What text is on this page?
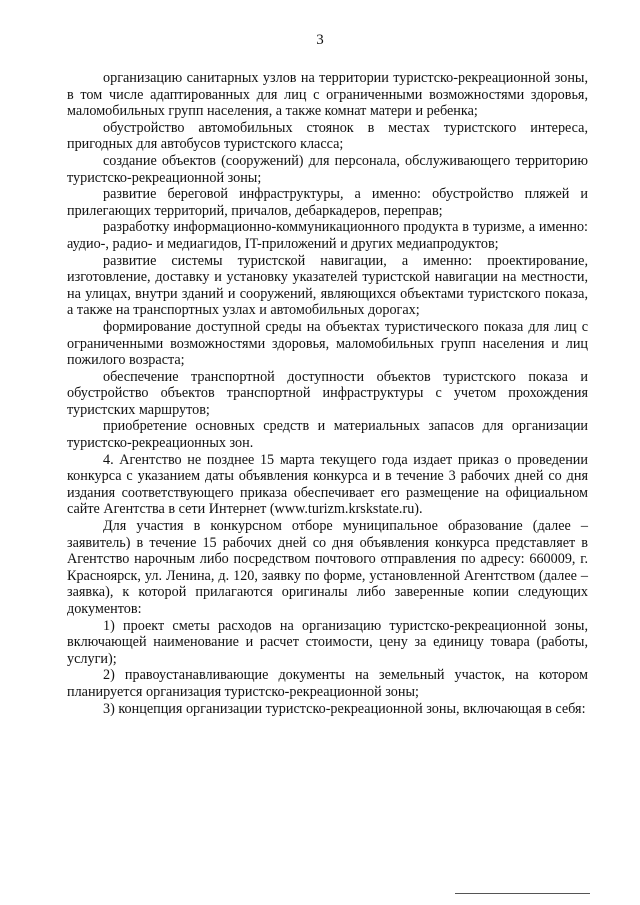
3

организацию санитарных узлов на территории туристско-рекреационной зоны, в том числе адаптированных для лиц с ограниченными возможностями здоровья, маломобильных групп населения, а также комнат матери и ребенка;

обустройство автомобильных стоянок в местах туристского интереса, пригодных для автобусов туристского класса;

создание объектов (сооружений) для персонала, обслуживающего территорию туристско-рекреационной зоны;

развитие береговой инфраструктуры, а именно: обустройство пляжей и прилегающих территорий, причалов, дебаркадеров, переправ;

разработку информационно-коммуникационного продукта в туризме, а именно: аудио-, радио- и медиагидов, IT-приложений и других медиапродуктов;

развитие системы туристской навигации, а именно: проектирование, изготовление, доставку и установку указателей туристской навигации на местности, на улицах, внутри зданий и сооружений, являющихся объектами туристского показа, а также на транспортных узлах и автомобильных дорогах;

формирование доступной среды на объектах туристического показа для лиц с ограниченными возможностями здоровья, маломобильных групп населения и лиц пожилого возраста;

обеспечение транспортной доступности объектов туристского показа и обустройство объектов транспортной инфраструктуры с учетом прохождения туристских маршрутов;

приобретение основных средств и материальных запасов для организации туристско-рекреационных зон.

4. Агентство не позднее 15 марта текущего года издает приказ о проведении конкурса с указанием даты объявления конкурса и в течение 3 рабочих дней со дня издания соответствующего приказа обеспечивает его размещение на официальном сайте Агентства в сети Интернет (www.turizm.krskstate.ru).

Для участия в конкурсном отборе муниципальное образование (далее – заявитель) в течение 15 рабочих дней со дня объявления конкурса представляет в Агентство нарочным либо посредством почтового отправления по адресу: 660009, г. Красноярск, ул. Ленина, д. 120, заявку по форме, установленной Агентством (далее – заявка), к которой прилагаются оригиналы либо заверенные копии следующих документов:

1) проект сметы расходов на организацию туристско-рекреационной зоны, включающей наименование и расчет стоимости, цену за единицу товара (работы, услуги);

2) правоустанавливающие документы на земельный участок, на котором планируется организация туристско-рекреационной зоны;

3) концепция организации туристско-рекреационной зоны, включающая в себя:
